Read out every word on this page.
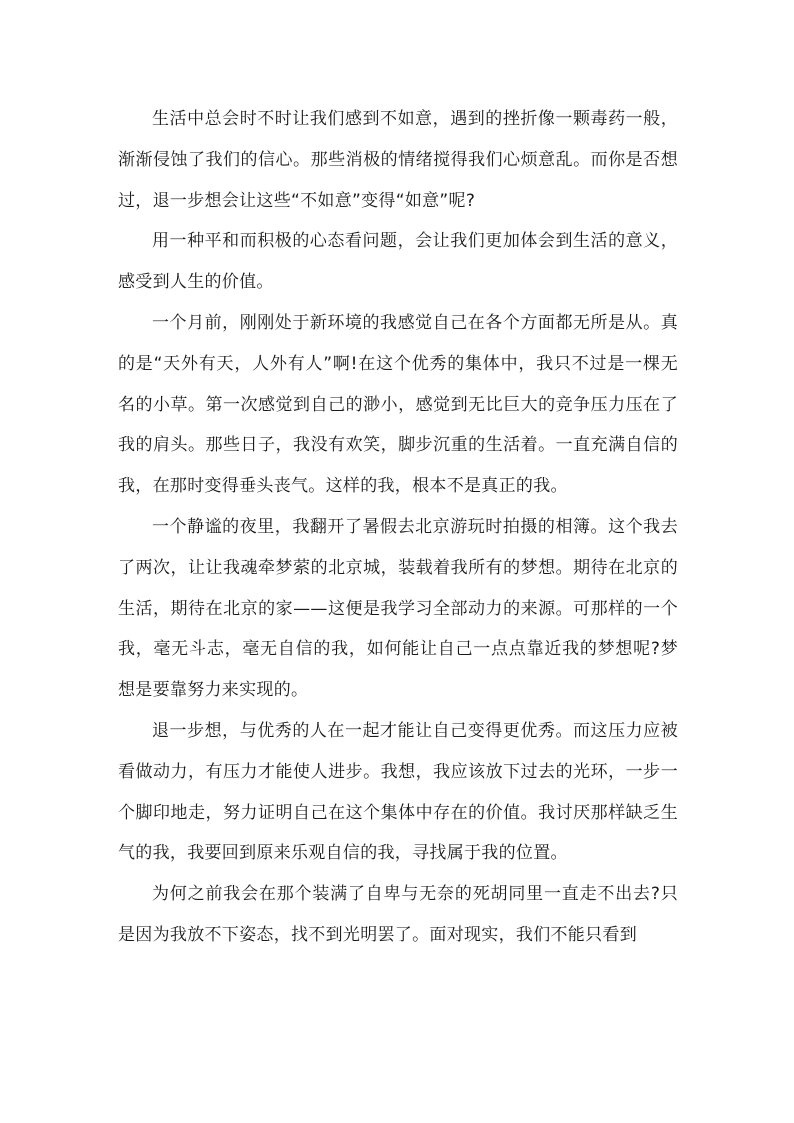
生活中总会时不时让我们感到不如意，遇到的挫折像一颗毒药一般，渐渐侵蚀了我们的信心。那些消极的情绪搅得我们心烦意乱。而你是否想过，退一步想会让这些“不如意”变得“如意”呢?

用一种平和而积极的心态看问题，会让我们更加体会到生活的意义，感受到人生的价值。

一个月前，刚刚处于新环境的我感觉自己在各个方面都无所是从。真的是“天外有天，人外有人”啊!在这个优秀的集体中，我只不过是一棵无名的小草。第一次感觉到自己的渺小，感觉到无比巨大的竞争压力压在了我的肩头。那些日子，我没有欢笑，脚步沉重的生活着。一直充满自信的我，在那时变得垂头丧气。这样的我，根本不是真正的我。

一个静谧的夜里，我翻开了暑假去北京游玩时拍摄的相簿。这个我去了两次，让让我魂牵梦萦的北京城，装载着我所有的梦想。期待在北京的生活，期待在北京的家——这便是我学习全部动力的来源。可那样的一个我，毫无斗志，毫无自信的我，如何能让自己一点点靠近我的梦想呢?梦想是要靠努力来实现的。

退一步想，与优秀的人在一起才能让自己变得更优秀。而这压力应被看做动力，有压力才能使人进步。我想，我应该放下过去的光环，一步一个脚印地走，努力证明自己在这个集体中存在的价值。我讨厌那样缺乏生气的我，我要回到原来乐观自信的我，寻找属于我的位置。

为何之前我会在那个装满了自卑与无奈的死胡同里一直走不出去?只是因为我放不下姿态，找不到光明罢了。面对现实，我们不能只看到
